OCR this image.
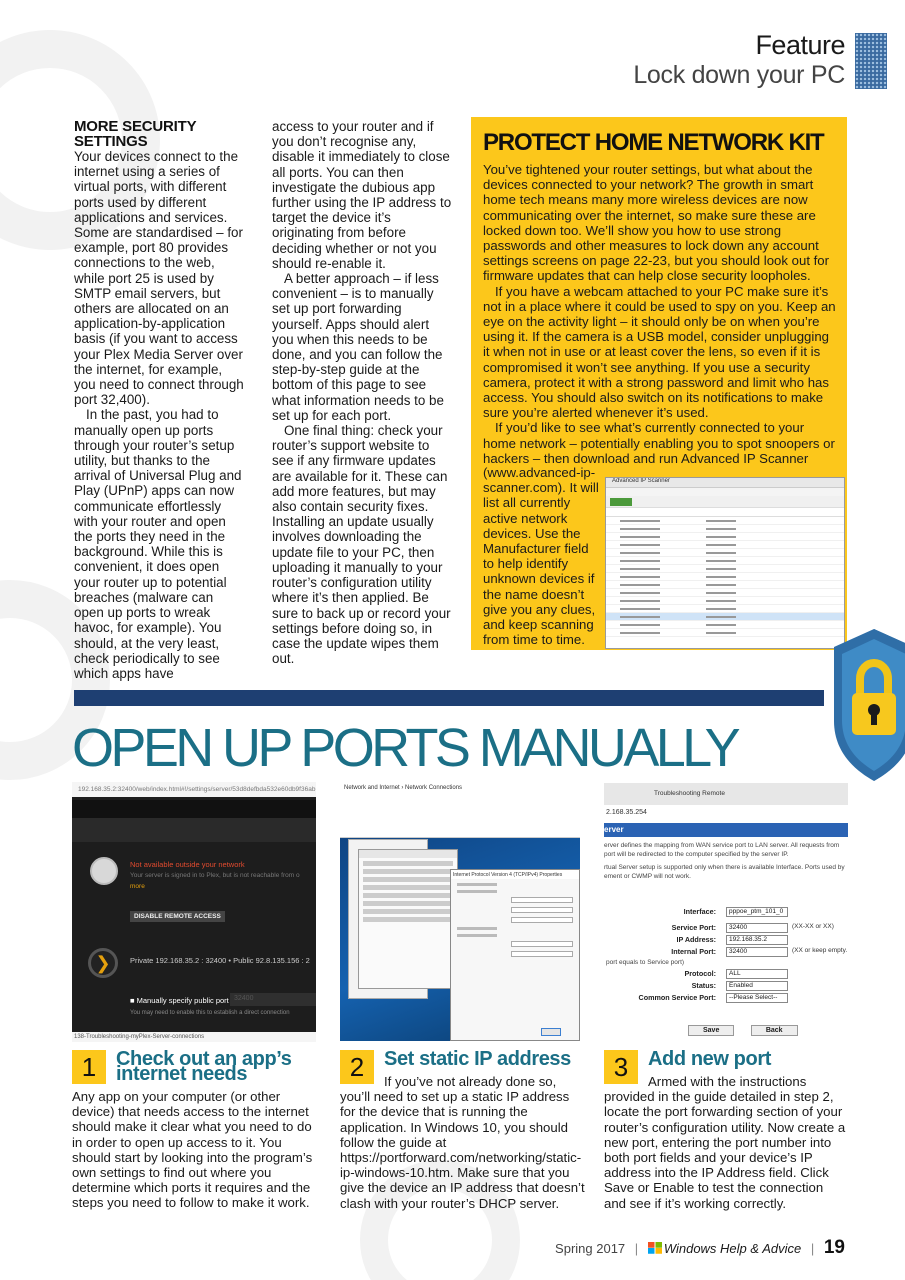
Feature
Lock down your PC
MORE SECURITY SETTINGS

Your devices connect to the internet using a series of virtual ports, with different ports used by different applications and services. Some are standardised – for example, port 80 provides connections to the web, while port 25 is used by SMTP email servers, but others are allocated on an application-by-application basis (if you want to access your Plex Media Server over the internet, for example, you need to connect through port 32,400).

In the past, you had to manually open up ports through your router’s setup utility, but thanks to the arrival of Universal Plug and Play (UPnP) apps can now communicate effortlessly with your router and open the ports they need in the background. While this is convenient, it does open your router up to potential breaches (malware can open up ports to wreak havoc, for example). You should, at the very least, check periodically to see which apps have

access to your router and if you don’t recognise any, disable it immediately to close all ports. You can then investigate the dubious app further using the IP address to target the device it’s originating from before deciding whether or not you should re-enable it.

A better approach – if less convenient – is to manually set up port forwarding yourself. Apps should alert you when this needs to be done, and you can follow the step-by-step guide at the bottom of this page to see what information needs to be set up for each port.

One final thing: check your router’s support website to see if any firmware updates are available for it. These can add more features, but may also contain security fixes. Installing an update usually involves downloading the update file to your PC, then uploading it manually to your router’s configuration utility where it’s then applied. Be sure to back up or record your settings before doing so, in case the update wipes them out.

PROTECT HOME NETWORK KIT

You’ve tightened your router settings, but what about the devices connected to your network? The growth in smart home tech means many more wireless devices are now communicating over the internet, so make sure these are locked down too. We’ll show you how to use strong passwords and other measures to lock down any account settings screens on page 22-23, but you should look out for firmware updates that can help close security loopholes.

If you have a webcam attached to your PC make sure it’s not in a place where it could be used to spy on you. Keep an eye on the activity light – it should only be on when you’re using it. If the camera is a USB model, consider unplugging it when not in use or at least cover the lens, so even if it is compromised it won’t see anything. If you use a security camera, protect it with a strong password and limit who has access. You should also switch on its notifications to make sure you’re alerted whenever it’s used.

If you’d like to see what’s currently connected to your home network – potentially enabling you to spot snoopers or hackers – then download and run Advanced IP Scanner

(www.advanced-ip-scanner.com). It will list all currently active network devices. Use the Manufacturer field to help identify unknown devices if the name doesn’t give you any clues, and keep scanning from time to time.
Advanced IP Scanner
OPEN UP PORTS MANUALLY
192.168.35.2:32400/web/index.html#!/settings/server/53d8defbda532e60db9f36ab
Not available outside your network
Your server is signed in to Plex, but is not reachable from o
more
DISABLE REMOTE ACCESS
❯	Private 192.168.35.2 : 32400 • Public 92.8.135.156 : 2
■ Manually specify public port 32400
You may need to enable this to establish a direct connection
138-Troubleshooting-myPlex-Server-connections
Network and Internet › Network Connections
Internet Protocol Version 4 (TCP/IPv4) Properties
Troubleshooting Remote
2.168.35.254
erver
erver defines the mapping from WAN service port to LAN server. All requests from port will be redirected to the computer specified by the server IP.
rtual Server setup is supported only when there is available Interface. Ports used by ement or CWMP will not work.
Interface:	pppoe_ptm_101_0
Service Port:	32400	(XX-XX or XX)
IP Address:	192.168.35.2
Internal Port:	32400	(XX or keep empty.
port equals to Service port)
Protocol:	ALL
Status:	Enabled
Common Service Port:	--Please Select--
Save	Back
1 Check out an app’s internet needs
Any app on your computer (or other device) that needs access to the internet should make it clear what you need to do in order to open up access to it. You should start by looking into the program’s own settings to find out where you determine which ports it requires and the steps you need to follow to make it work.
2 Set static IP address
If you’ve not already done so,
you’ll need to set up a static IP address for the device that is running the application. In Windows 10, you should follow the guide at https://portforward.com/networking/static-ip-windows-10.htm. Make sure that you give the device an IP address that doesn’t clash with your router’s DHCP server.
3 Add new port
Armed with the instructions
provided in the guide detailed in step 2, locate the port forwarding section of your router’s configuration utility. Now create a new port, entering the port number into both port fields and your device’s IP address into the IP Address field. Click Save or Enable to test the connection and see if it’s working correctly.
Spring 2017 | Windows Help & Advice | 19
